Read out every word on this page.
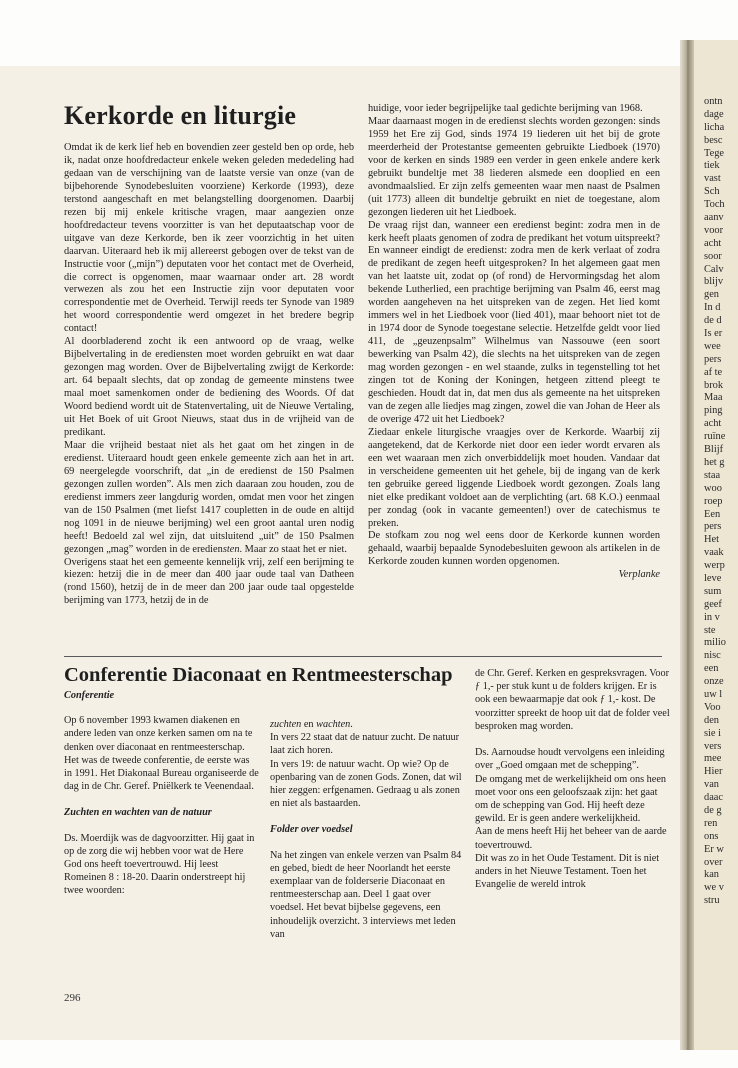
ontn
dage
licha
besc
Tege
tiek
vast
Sch
Toch
aanv
voor
acht
soor
Calv
blijv
gen
In d
de d
Is er
wee
pers
af te
brok
Maa
ping
acht
ruïne
Blijf
het g
staa
woo
roep
Een
pers
Het
vaak
werp
leve
sum
geef
in v
ste
milio
nisc
een
onze
uw l
Voo
den
sie i
vers
mee
Hier
van
daac
de g
ren
ons
Er w
over
kan
we v
stru
Kerkorde en liturgie

Omdat ik de kerk lief heb en bovendien zeer gesteld ben op orde, heb ik, nadat onze hoofdredacteur enkele weken geleden mededeling had gedaan van de verschijning van de laatste versie van onze (van de bijbehorende Synodebesluiten voorziene) Kerkorde (1993), deze terstond aangeschaft en met belangstelling doorgenomen. Daarbij rezen bij mij enkele kritische vragen, maar aangezien onze hoofdredacteur tevens voorzitter is van het deputaatschap voor de uitgave van deze Kerkorde, ben ik zeer voorzichtig in het uiten daarvan. Uiteraard heb ik mij allereerst gebogen over de tekst van de Instructie voor („mijn”) deputaten voor het contact met de Overheid, die correct is opgenomen, maar waarnaar onder art. 28 wordt verwezen als zou het een Instructie zijn voor deputaten voor correspondentie met de Overheid. Terwijl reeds ter Synode van 1989 het woord correspondentie werd omgezet in het bredere begrip contact!

Al doorbladerend zocht ik een antwoord op de vraag, welke Bijbelvertaling in de erediensten moet worden gebruikt en wat daar gezongen mag worden. Over de Bijbelvertaling zwijgt de Kerkorde: art. 64 bepaalt slechts, dat op zondag de gemeente minstens twee maal moet samenkomen onder de bediening des Woords. Of dat Woord bediend wordt uit de Statenvertaling, uit de Nieuwe Vertaling, uit Het Boek of uit Groot Nieuws, staat dus in de vrijheid van de predikant.

Maar die vrijheid bestaat niet als het gaat om het zingen in de eredienst. Uiteraard houdt geen enkele gemeente zich aan het in art. 69 neergelegde voorschrift, dat „in de eredienst de 150 Psalmen gezongen zullen worden”. Als men zich daaraan zou houden, zou de eredienst immers zeer langdurig worden, omdat men voor het zingen van de 150 Psalmen (met liefst 1417 coupletten in de oude en altijd nog 1091 in de nieuwe berijming) wel een groot aantal uren nodig heeft! Bedoeld zal wel zijn, dat uitsluitend „uit” de 150 Psalmen gezongen „mag” worden in de erediensten. Maar zo staat het er niet.

Overigens staat het een gemeente kennelijk vrij, zelf een berijming te kiezen: hetzij die in de meer dan 400 jaar oude taal van Datheen (rond 1560), hetzij de in de meer dan 200 jaar oude taal opgestelde berijming van 1773, hetzij de in de

huidige, voor ieder begrijpelijke taal gedichte berijming van 1968.

Maar daarnaast mogen in de eredienst slechts worden gezongen: sinds 1959 het Ere zij God, sinds 1974 19 liederen uit het bij de grote meerderheid der Protestantse gemeenten gebruikte Liedboek (1970) voor de kerken en sinds 1989 een verder in geen enkele andere kerk gebruikt bundeltje met 38 liederen alsmede een dooplied en een avondmaalslied. Er zijn zelfs gemeenten waar men naast de Psalmen (uit 1773) alleen dit bundeltje gebruikt en niet de toegestane, alom gezongen liederen uit het Liedboek.

De vraag rijst dan, wanneer een eredienst begint: zodra men in de kerk heeft plaats genomen of zodra de predikant het votum uitspreekt? En wanneer eindigt de eredienst: zodra men de kerk verlaat of zodra de predikant de zegen heeft uitgesproken? In het algemeen gaat men van het laatste uit, zodat op (of rond) de Hervormingsdag het alom bekende Lutherlied, een prachtige berijming van Psalm 46, eerst mag worden aangeheven na het uitspreken van de zegen. Het lied komt immers wel in het Liedboek voor (lied 401), maar behoort niet tot de in 1974 door de Synode toegestane selectie. Hetzelfde geldt voor lied 411, de „geuzenpsalm” Wilhelmus van Nassouwe (een soort bewerking van Psalm 42), die slechts na het uitspreken van de zegen mag worden gezongen - en wel staande, zulks in tegenstelling tot het zingen tot de Koning der Koningen, hetgeen zittend pleegt te geschieden. Houdt dat in, dat men dus als gemeente na het uitspreken van de zegen alle liedjes mag zingen, zowel die van Johan de Heer als de overige 472 uit het Liedboek?

Ziedaar enkele liturgische vraagjes over de Kerkorde. Waarbij zij aangetekend, dat de Kerkorde niet door een ieder wordt ervaren als een wet waaraan men zich onverbiddelijk moet houden. Vandaar dat in verscheidene gemeenten uit het gehele, bij de ingang van de kerk ten gebruike gereed liggende Liedboek wordt gezongen. Zoals lang niet elke predikant voldoet aan de verplichting (art. 68 K.O.) eenmaal per zondag (ook in vacante gemeenten!) over de catechismus te preken.

De stofkam zou nog wel eens door de Kerkorde kunnen worden gehaald, waarbij bepaalde Synodebesluiten gewoon als artikelen in de Kerkorde zouden kunnen worden opgenomen.

Verplanke

Conferentie Diaconaat en Rentmeesterschap

Conferentie

Op 6 november 1993 kwamen diakenen en andere leden van onze kerken samen om na te denken over diaconaat en rentmeesterschap. Het was de tweede conferentie, de eerste was in 1991. Het Diakonaal Bureau organiseerde de dag in de Chr. Geref. Pniëlkerk te Veenendaal.

Zuchten en wachten van de natuur

Ds. Moerdijk was de dagvoorzitter. Hij gaat in op de zorg die wij hebben voor wat de Here God ons heeft toevertrouwd. Hij leest Romeinen 8 : 18-20. Daarin onderstreept hij twee woorden:

zuchten en wachten.

In vers 22 staat dat de natuur zucht. De natuur laat zich horen.

In vers 19: de natuur wacht. Op wie? Op de openbaring van de zonen Gods. Zonen, dat wil hier zeggen: erfgenamen. Gedraag u als zonen en niet als bastaarden.

Folder over voedsel

Na het zingen van enkele verzen van Psalm 84 en gebed, biedt de heer Noorlandt het eerste exemplaar van de folderserie Diaconaat en rentmeesterschap aan. Deel 1 gaat over voedsel. Het bevat bijbelse gegevens, een inhoudelijk overzicht. 3 interviews met leden van

de Chr. Geref. Kerken en gespreksvragen. Voor ƒ 1,- per stuk kunt u de folders krijgen. Er is ook een bewaarmapje dat ook ƒ 1,- kost. De voorzitter spreekt de hoop uit dat de folder veel besproken mag worden.

Ds. Aarnoudse houdt vervolgens een inleiding over „Goed omgaan met de schepping”.

De omgang met de werkelijkheid om ons heen moet voor ons een geloofszaak zijn: het gaat om de schepping van God. Hij heeft deze gewild. Er is geen andere werkelijkheid.

Aan de mens heeft Hij het beheer van de aarde toevertrouwd.

Dit was zo in het Oude Testament. Dit is niet anders in het Nieuwe Testament. Toen het Evangelie de wereld introk

296
